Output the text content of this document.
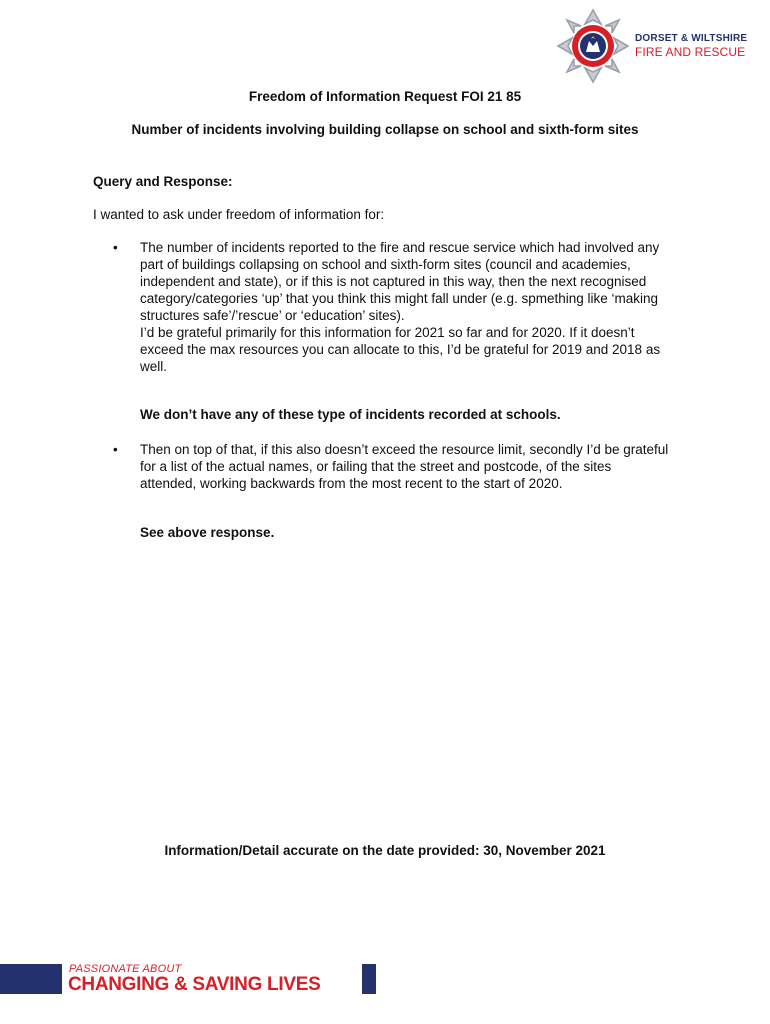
DORSET & WILTSHIRE
FIRE AND RESCUE
Freedom of Information Request FOI 21 85
Number of incidents involving building collapse on school and sixth-form sites
Query and Response:
I wanted to ask under freedom of information for:
• The number of incidents reported to the fire and rescue service which had involved any part of buildings collapsing on school and sixth-form sites (council and academies, independent and state), or if this is not captured in this way, then the next recognised category/categories ‘up’ that you think this might fall under (e.g. spmething like ‘making structures safe’/’rescue’ or ‘education’ sites).

I’d be grateful primarily for this information for 2021 so far and for 2020. If it doesn’t exceed the max resources you can allocate to this, I’d be grateful for 2019 and 2018 as well.

We don’t have any of these type of incidents recorded at schools.
• Then on top of that, if this also doesn’t exceed the resource limit, secondly I’d be grateful for a list of the actual names, or failing that the street and postcode, of the sites attended, working backwards from the most recent to the start of 2020.

See above response.
Information/Detail accurate on the date provided: 30, November 2021
PASSIONATE ABOUT
CHANGING & SAVING LIVES
